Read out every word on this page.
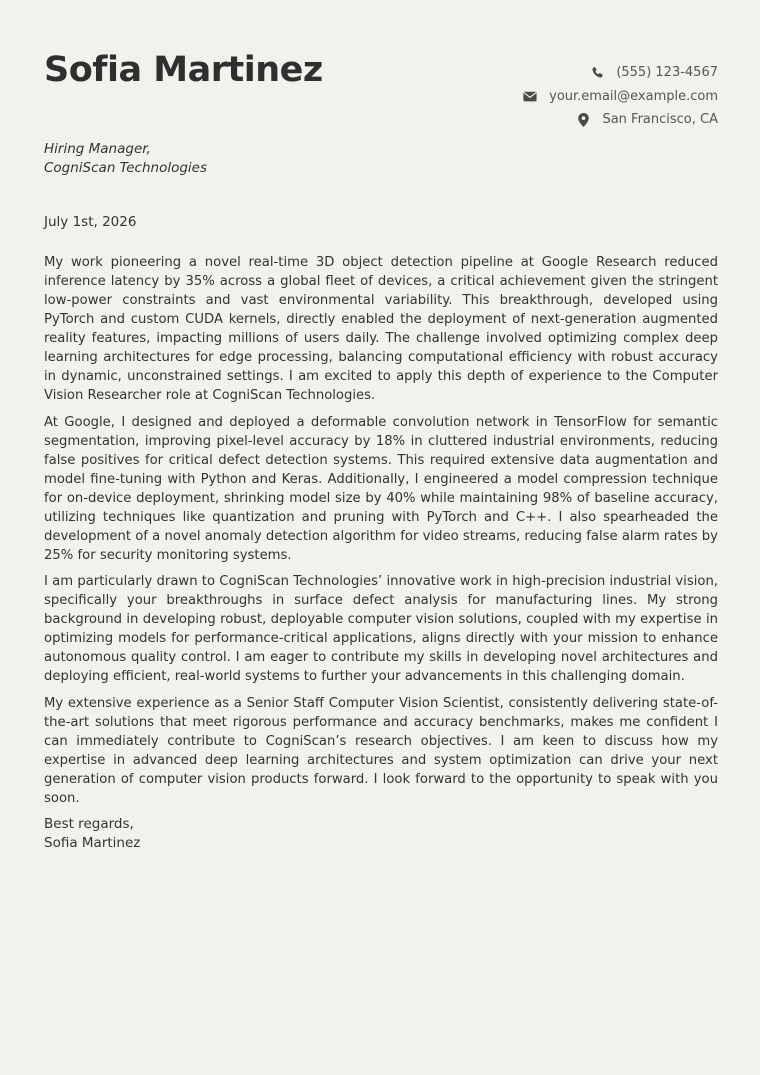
Sofia Martinez	(555) 123-4567
your.email@example.com
San Francisco, CA
Hiring Manager,
CogniScan Technologies
July 1st, 2026

My work pioneering a novel real-time 3D object detection pipeline at Google Research reduced inference latency by 35% across a global fleet of devices, a critical achievement given the stringent low-power constraints and vast environmental variability. This breakthrough, developed using PyTorch and custom CUDA kernels, directly enabled the deployment of next-generation augmented reality features, impacting millions of users daily. The challenge involved optimizing complex deep learning architectures for edge processing, balancing computational efficiency with robust accuracy in dynamic, unconstrained settings. I am excited to apply this depth of experience to the Computer Vision Researcher role at CogniScan Technologies.

At Google, I designed and deployed a deformable convolution network in TensorFlow for semantic segmentation, improving pixel-level accuracy by 18% in cluttered industrial environments, reducing false positives for critical defect detection systems. This required extensive data augmentation and model fine-tuning with Python and Keras. Additionally, I engineered a model compression technique for on-device deployment, shrinking model size by 40% while maintaining 98% of baseline accuracy, utilizing techniques like quantization and pruning with PyTorch and C++. I also spearheaded the development of a novel anomaly detection algorithm for video streams, reducing false alarm rates by 25% for security monitoring systems.

I am particularly drawn to CogniScan Technologies’ innovative work in high-precision industrial vision, specifically your breakthroughs in surface defect analysis for manufacturing lines. My strong background in developing robust, deployable computer vision solutions, coupled with my expertise in optimizing models for performance-critical applications, aligns directly with your mission to enhance autonomous quality control. I am eager to contribute my skills in developing novel architectures and deploying efficient, real-world systems to further your advancements in this challenging domain.

My extensive experience as a Senior Staff Computer Vision Scientist, consistently delivering state-of-the-art solutions that meet rigorous performance and accuracy benchmarks, makes me confident I can immediately contribute to CogniScan’s research objectives. I am keen to discuss how my expertise in advanced deep learning architectures and system optimization can drive your next generation of computer vision products forward. I look forward to the opportunity to speak with you soon.

Best regards,
Sofia Martinez
